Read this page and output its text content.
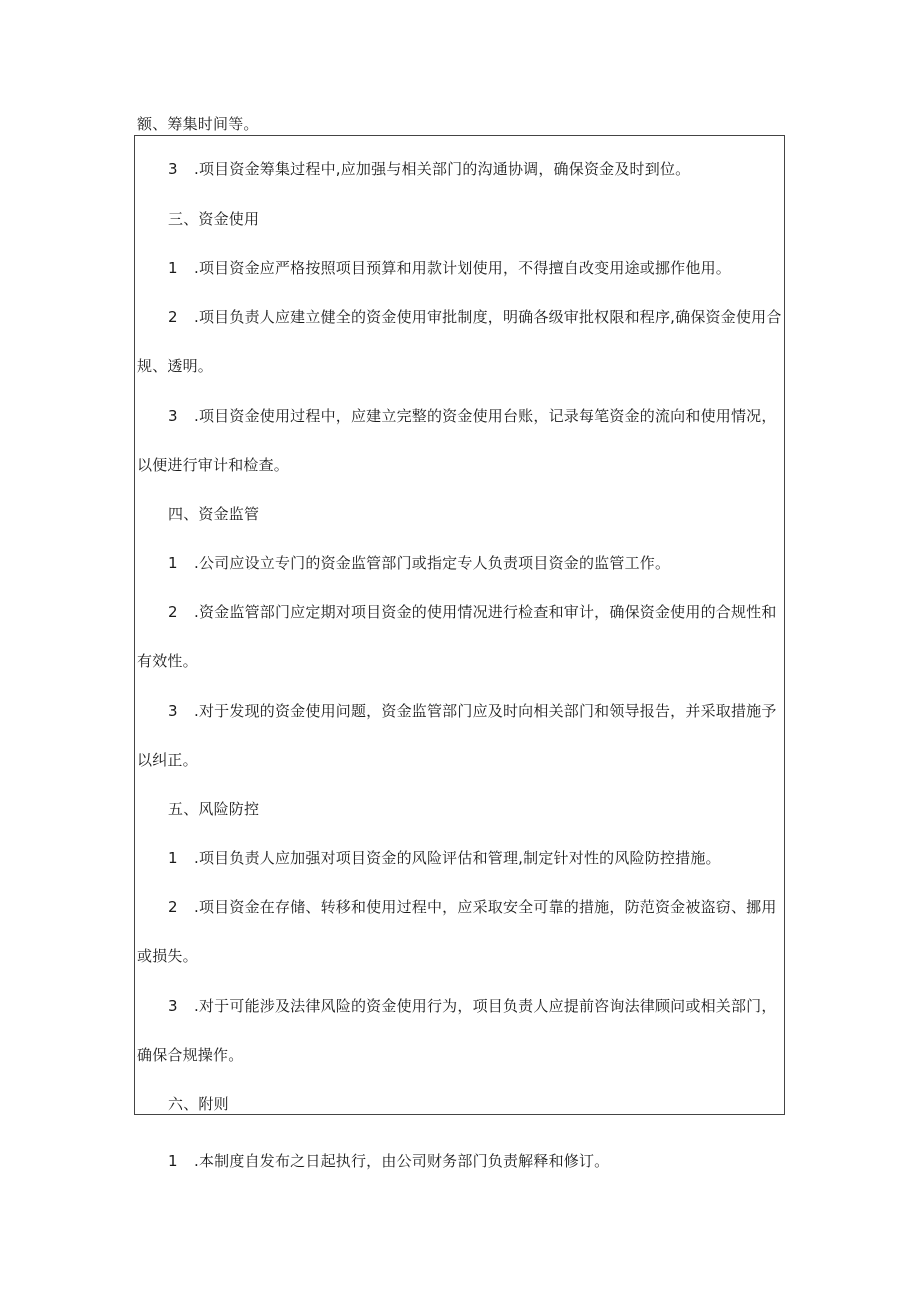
额、筹集时间等。
3 .项目资金筹集过程中,应加强与相关部门的沟通协调，确保资金及时到位。
三、资金使用
1 .项目资金应严格按照项目预算和用款计划使用，不得擅自改变用途或挪作他用。
2 .项目负责人应建立健全的资金使用审批制度，明确各级审批权限和程序,确保资金使用合
规、透明。
3 .项目资金使用过程中，应建立完整的资金使用台账，记录每笔资金的流向和使用情况，
以便进行审计和检查。
四、资金监管
1 .公司应设立专门的资金监管部门或指定专人负责项目资金的监管工作。
2 .资金监管部门应定期对项目资金的使用情况进行检查和审计，确保资金使用的合规性和
有效性。
3 .对于发现的资金使用问题，资金监管部门应及时向相关部门和领导报告，并采取措施予
以纠正。
五、风险防控
1 .项目负责人应加强对项目资金的风险评估和管理,制定针对性的风险防控措施。
2 .项目资金在存储、转移和使用过程中，应采取安全可靠的措施，防范资金被盗窃、挪用
或损失。
3 .对于可能涉及法律风险的资金使用行为，项目负责人应提前咨询法律顾问或相关部门，
确保合规操作。
六、附则
1 .本制度自发布之日起执行，由公司财务部门负责解释和修订。
